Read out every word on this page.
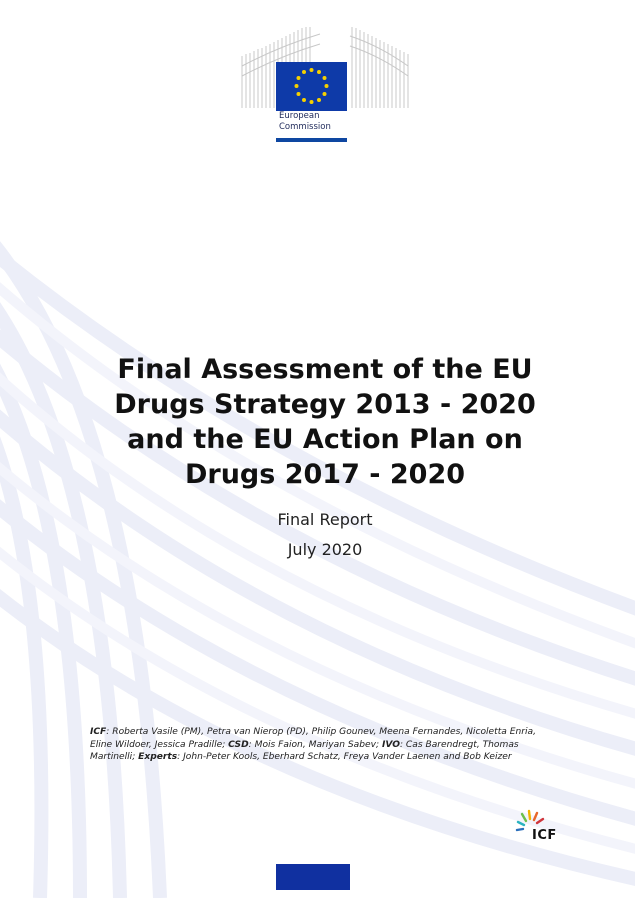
European
Commission
Final Assessment of the EU
Drugs Strategy 2013 - 2020
and the EU Action Plan on
Drugs 2017 - 2020
Final Report
July 2020
ICF: Roberta Vasile (PM), Petra van Nierop (PD), Philip Gounev, Meena Fernandes, Nicoletta Enria, Eline Wildoer, Jessica Pradille; CSD: Mois Faion, Mariyan Sabev; IVO: Cas Barendregt, Thomas Martinelli; Experts: John-Peter Kools, Eberhard Schatz, Freya Vander Laenen and Bob Keizer
ICF
